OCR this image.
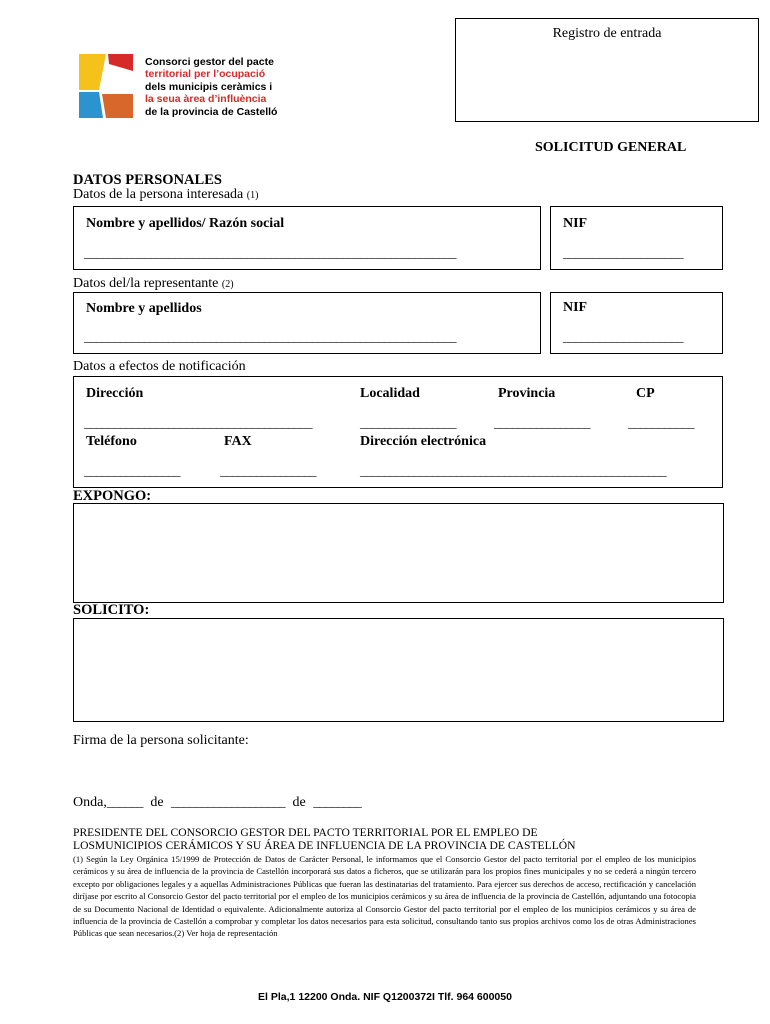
Registro de entrada
Consorci gestor del pacte
territorial per l’ocupació
dels municipis ceràmics i
la seua àrea d’influència
de la provincia de Castelló
SOLICITUD GENERAL
DATOS PERSONALES
Datos de la persona interesada (1)
Nombre y apellidos/ Razón social
______________________________________________________________
NIF
____________________
Datos del/la representante (2)
Nombre y apellidos
______________________________________________________________
NIF
____________________
Datos a efectos de notificación
Dirección	Localidad	Provincia	CP
______________________________________	________________	________________	___________
Teléfono	FAX	Dirección electrónica
________________	________________	___________________________________________________
EXPONGO:
SOLICITO:
Firma de la persona solicitante:
Onda,______ de ___________________ de ________
PRESIDENTE DEL CONSORCIO GESTOR DEL PACTO TERRITORIAL POR EL EMPLEO DE
LOSMUNICIPIOS CERÁMICOS Y SU ÁREA DE INFLUENCIA DE LA PROVINCIA DE CASTELLÓN
(1) Según la Ley Orgánica 15/1999 de Protección de Datos de Carácter Personal, le informamos que el Consorcio Gestor del pacto territorial por el empleo de los municipios cerámicos y su área de influencia de la provincia de Castellón incorporará sus datos a ficheros, que se utilizarán para los propios fines municipales y no se cederá a ningún tercero excepto por obligaciones legales y a aquellas Administraciones Públicas que fueran las destinatarias del tratamiento. Para ejercer sus derechos de acceso, rectificación y cancelación diríjase por escrito al Consorcio Gestor del pacto territorial por el empleo de los municipios cerámicos y su área de influencia de la provincia de Castellón, adjuntando una fotocopia de su Documento Nacional de Identidad o equivalente. Adicionalmente autoriza al Consorcio Gestor del pacto territorial por el empleo de los municipios cerámicos y su área de influencia de la provincia de Castellón a comprobar y completar los datos necesarios para esta solicitud, consultando tanto sus propios archivos como los de otras Administraciones Públicas que sean necesarios.(2) Ver hoja de representación
El Pla,1 12200 Onda. NIF Q1200372I Tlf. 964 600050
